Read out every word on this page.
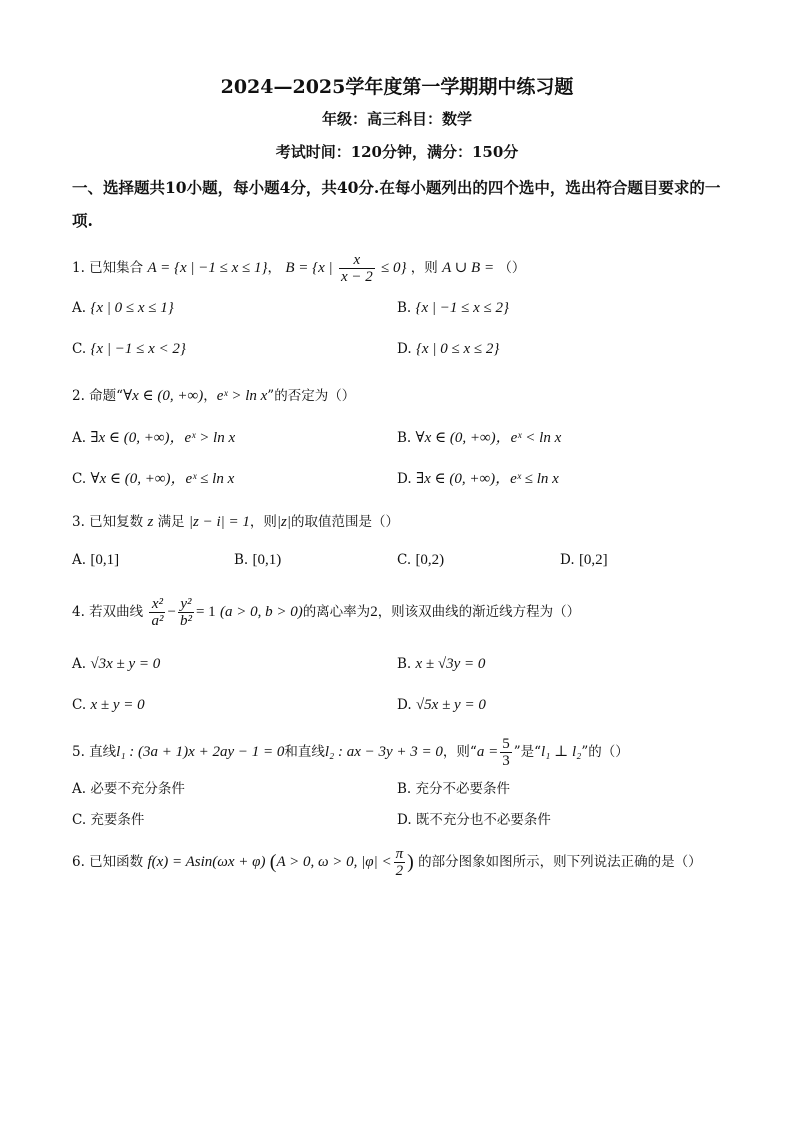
2024—2025学年度第一学期期中练习题
年级：高三科目：数学
考试时间：120分钟，满分：150分
一、选择题共10小题，每小题4分，共40分.在每小题列出的四个选中，选出符合题目要求的一项.
1. 已知集合 A = {x | −1 ≤ x ≤ 1}， B = {x | $\frac{x}{x - 2} \le 0$} ，则 A ∪ B = （）
A. {x | 0 ≤ x ≤ 1}	B. {x | −1 ≤ x ≤ 2}
C. {x | −1 ≤ x < 2}	D. {x | 0 ≤ x ≤ 2}
2. 命题“∀x ∈ (0, +∞)，eˣ > ln x”的否定为（）
A. ∃x ∈ (0, +∞)，eˣ > ln x	B. ∀x ∈ (0, +∞)，eˣ < ln x
C. ∀x ∈ (0, +∞)，eˣ ≤ ln x	D. ∃x ∈ (0, +∞)，eˣ ≤ ln x
3. 已知复数 z 满足 |z − i| = 1，则|z|的取值范围是（）
A. [0,1]	B. [0,1)	C. [0,2)	D. [0,2]
4. 若双曲线 $\frac{\text{x²}}{\text{a²}} - \frac{\text{y²}}{\text{b²}} = 1$ (a > 0, b > 0)的离心率为2，则该双曲线的渐近线方程为（）
A. √3x ± y = 0	B. x ± √3y = 0
C. x ± y = 0	D. √5x ± y = 0
5. 直线l₁ : (3a + 1)x + 2ay − 1 = 0和直线l₂ : ax − 3y + 3 = 0，则“$a = \frac{5}{3}$ ”是“l₁ ⊥ l₂”的（）
A. 必要不充分条件	B. 充分不必要条件
C. 充要条件	D. 既不充分也不必要条件
6. 已知函数 f(x) = Asin(ωx + φ) (A > 0, ω > 0, $|\varphi| < \frac{\pi}{2}$ ) 的部分图象如图所示，则下列说法正确的是（）
